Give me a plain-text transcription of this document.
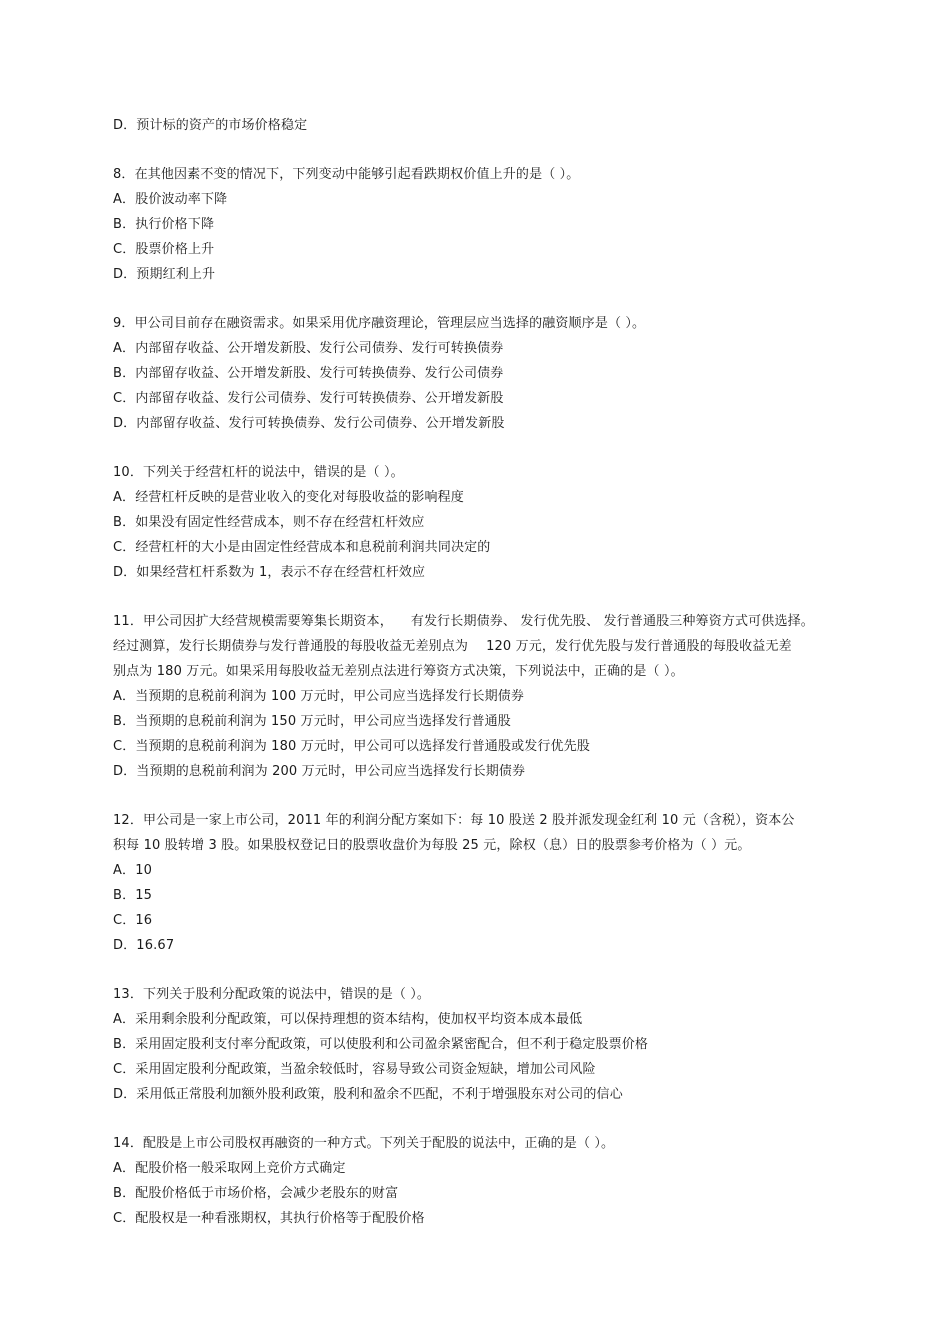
D．预计标的资产的市场价格稳定
8．在其他因素不变的情况下，下列变动中能够引起看跌期权价值上升的是（ ）。
A．股价波动率下降
B．执行价格下降
C．股票价格上升
D．预期红利上升
9．甲公司目前存在融资需求。如果采用优序融资理论，管理层应当选择的融资顺序是（ ）。
A．内部留存收益、公开增发新股、发行公司债券、发行可转换债券
B．内部留存收益、公开增发新股、发行可转换债券、发行公司债券
C．内部留存收益、发行公司债券、发行可转换债券、公开增发新股
D．内部留存收益、发行可转换债券、发行公司债券、公开增发新股
10．下列关于经营杠杆的说法中，错误的是（ ）。
A．经营杠杆反映的是营业收入的变化对每股收益的影响程度
B．如果没有固定性经营成本，则不存在经营杠杆效应
C．经营杠杆的大小是由固定性经营成本和息税前利润共同决定的
D．如果经营杠杆系数为 1，表示不存在经营杠杆效应
11．甲公司因扩大经营规模需要筹集长期资本， 有发行长期债券、 发行优先股、 发行普通股三种筹资方式可供选择。
经过测算，发行长期债券与发行普通股的每股收益无差别点为 120 万元，发行优先股与发行普通股的每股收益无差
别点为 180 万元。如果采用每股收益无差别点法进行筹资方式决策，下列说法中，正确的是（ ）。
A．当预期的息税前利润为 100 万元时，甲公司应当选择发行长期债券
B．当预期的息税前利润为 150 万元时，甲公司应当选择发行普通股
C．当预期的息税前利润为 180 万元时，甲公司可以选择发行普通股或发行优先股
D．当预期的息税前利润为 200 万元时，甲公司应当选择发行长期债券
12．甲公司是一家上市公司，2011 年的利润分配方案如下：每 10 股送 2 股并派发现金红利 10 元（含税），资本公
积每 10 股转增 3 股。如果股权登记日的股票收盘价为每股 25 元，除权（息）日的股票参考价格为（ ）元。
A．10
B．15
C．16
D．16.67
13．下列关于股利分配政策的说法中，错误的是（ ）。
A．采用剩余股利分配政策，可以保持理想的资本结构，使加权平均资本成本最低
B．采用固定股利支付率分配政策，可以使股利和公司盈余紧密配合，但不利于稳定股票价格
C．采用固定股利分配政策，当盈余较低时，容易导致公司资金短缺，增加公司风险
D．采用低正常股利加额外股利政策，股利和盈余不匹配，不利于增强股东对公司的信心
14．配股是上市公司股权再融资的一种方式。下列关于配股的说法中，正确的是（ ）。
A．配股价格一般采取网上竞价方式确定
B．配股价格低于市场价格，会减少老股东的财富
C．配股权是一种看涨期权，其执行价格等于配股价格
